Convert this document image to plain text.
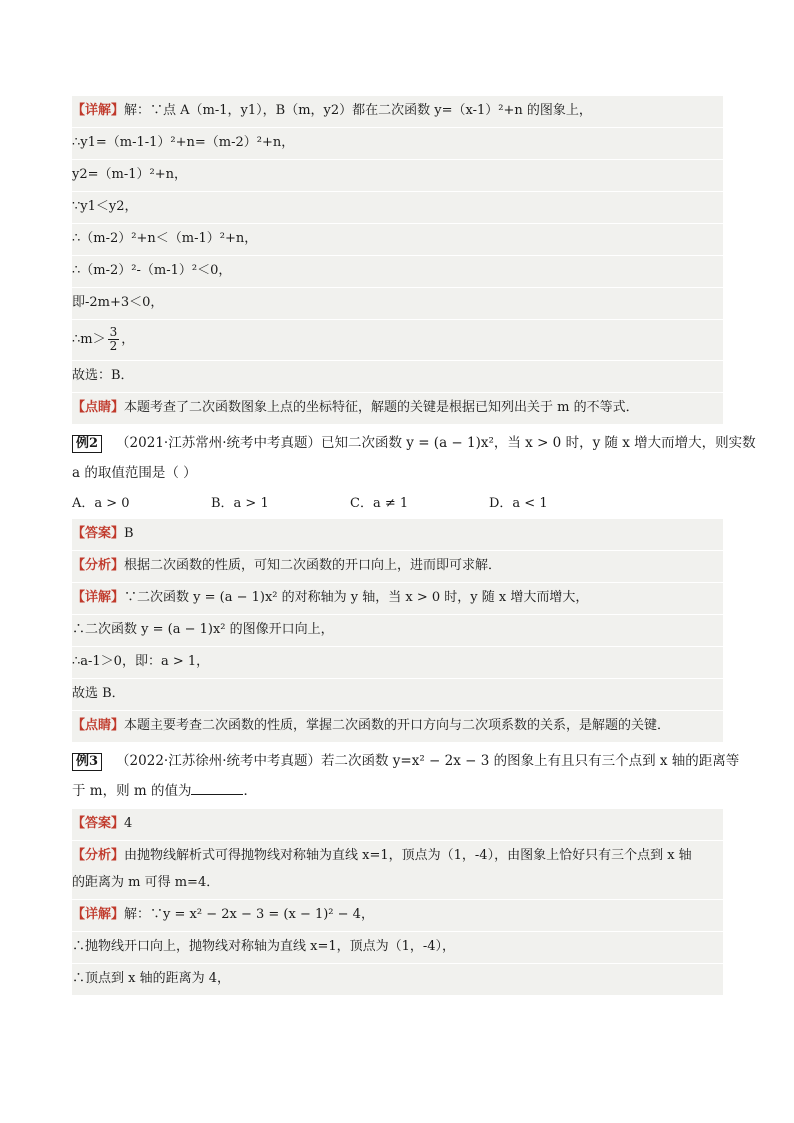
【详解】解：∵点 A（m-1，y1），B（m，y2）都在二次函数 y=（x-1）²+n 的图象上，
∴y1=（m-1-1）²+n=（m-2）²+n，
y2=（m-1）²+n，
∵y1＜y2，
∴（m-2）²+n＜（m-1）²+n，
∴（m-2）²-（m-1）²＜0，
即-2m+3＜0，
∴m＞ $\frac{3}{2}$ ，
故选：B．
【点睛】本题考查了二次函数图象上点的坐标特征，解题的关键是根据已知列出关于 m 的不等式．
例2 （2021·江苏常州·统考中考真题）已知二次函数 y = (a − 1)x²，当 x > 0 时，y 随 x 增大而增大，则实数
a 的取值范围是（ ）
A．a > 0	B．a > 1	C．a ≠ 1	D．a < 1
【答案】B
【分析】根据二次函数的性质，可知二次函数的开口向上，进而即可求解．
【详解】∵二次函数 y = (a − 1)x² 的对称轴为 y 轴，当 x > 0 时，y 随 x 增大而增大，
∴二次函数 y = (a − 1)x² 的图像开口向上，
∴a-1＞0，即：a > 1，
故选 B．
【点睛】本题主要考查二次函数的性质，掌握二次函数的开口方向与二次项系数的关系，是解题的关键．
例3 （2022·江苏徐州·统考中考真题）若二次函数 y=x² − 2x − 3 的图象上有且只有三个点到 x 轴的距离等
于 m，则 m 的值为	．
【答案】4
【分析】由抛物线解析式可得抛物线对称轴为直线 x=1，顶点为（1，-4），由图象上恰好只有三个点到 x 轴
的距离为 m 可得 m=4．
【详解】解：∵y = x² − 2x − 3 = (x − 1)² − 4，
∴抛物线开口向上，抛物线对称轴为直线 x=1，顶点为（1，-4），
∴顶点到 x 轴的距离为 4，
